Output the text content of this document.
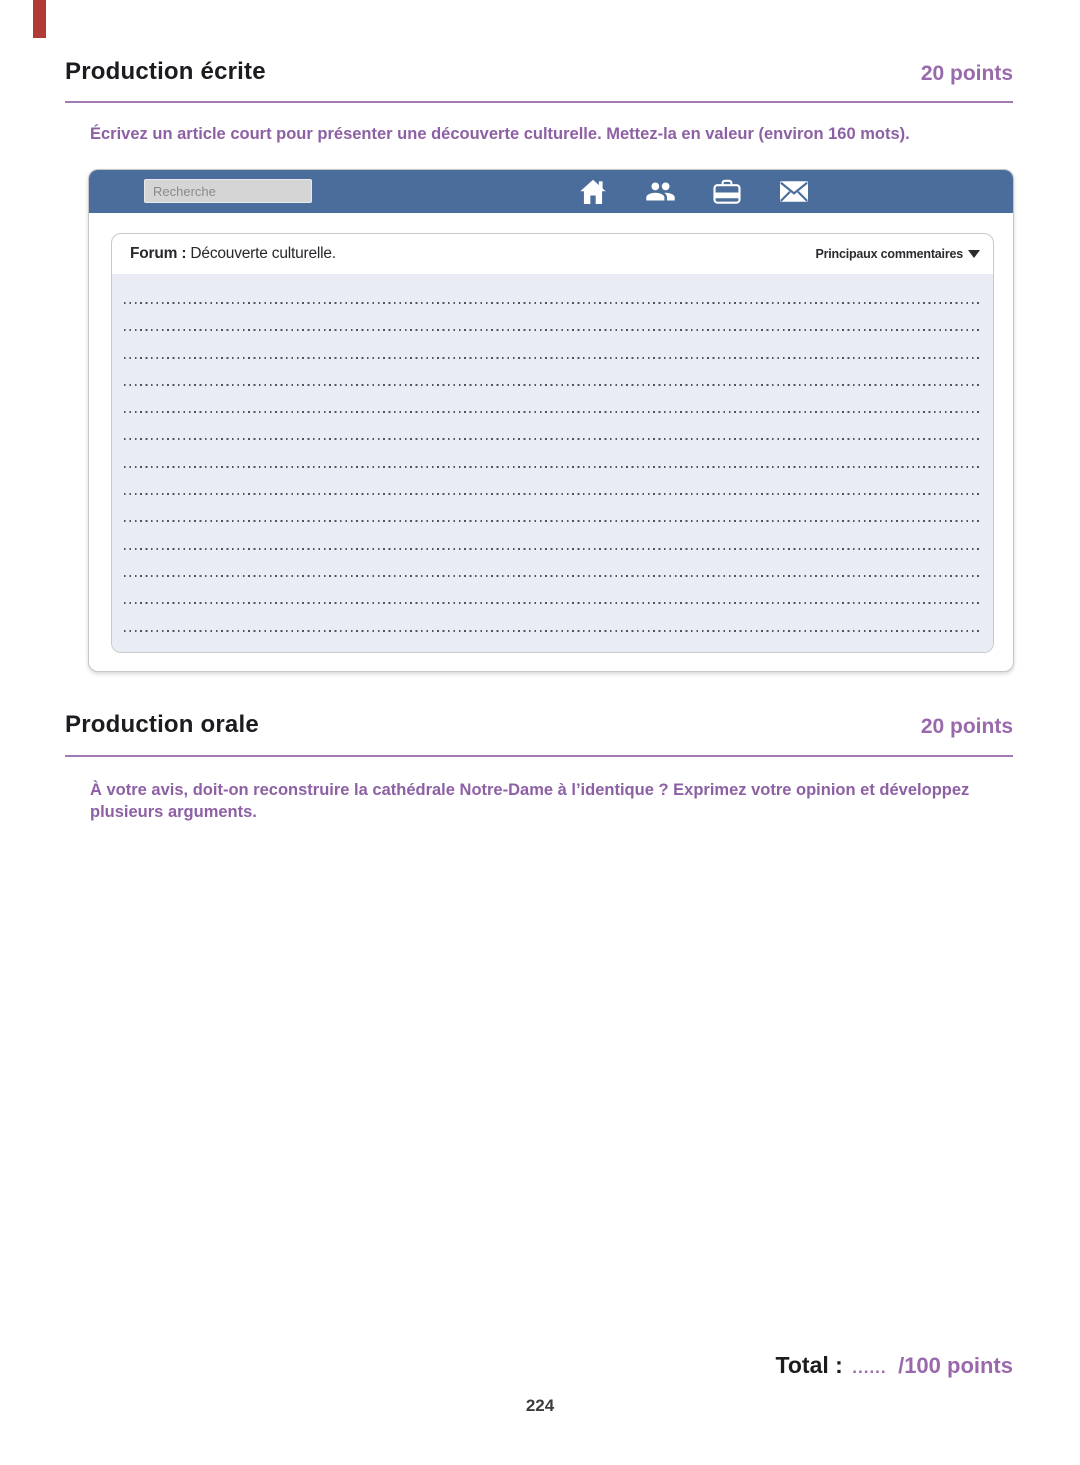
Production écrite	20 points
Écrivez un article court pour présenter une découverte culturelle. Mettez-la en valeur (environ 160 mots).
Recherche
Forum : Découverte culturelle.	Principaux commentaires
Production orale	20 points
À votre avis, doit-on reconstruire la cathédrale Notre-Dame à l’identique ? Exprimez votre opinion et développez plusieurs arguments.
Total : ...... /100 points
224
